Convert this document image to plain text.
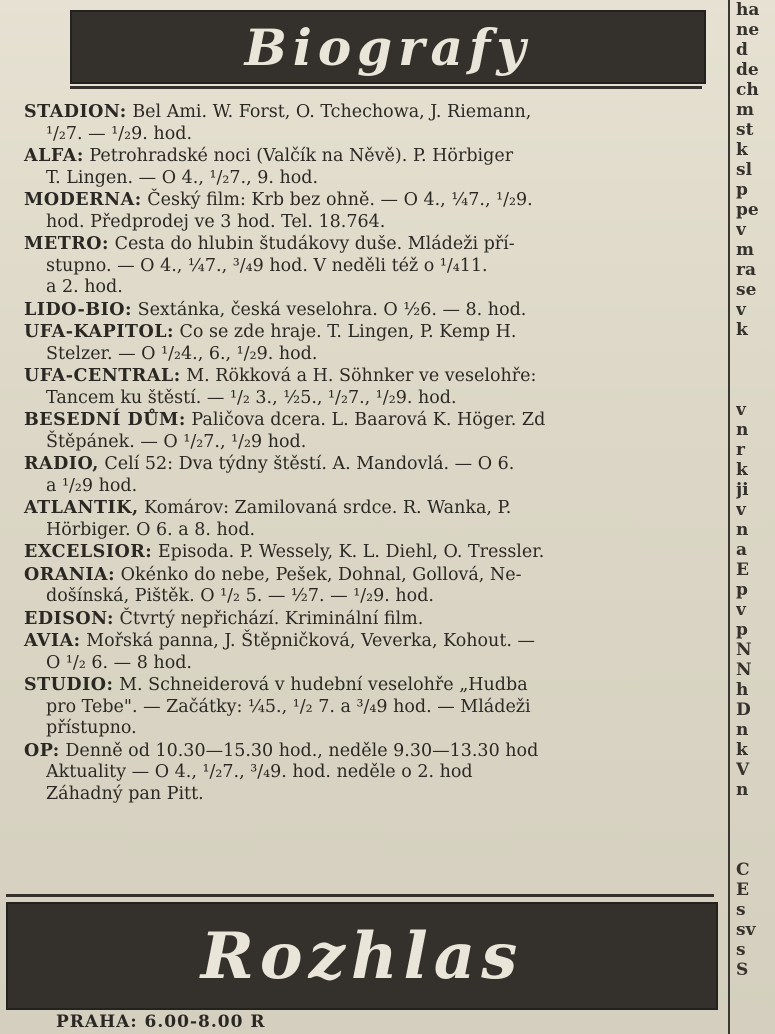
ha
ne
d
de
ch
m
st
k
sl
p
pe
v
m
ra
se
v
k
v
n
r
k
ji
v
n
a
E
p
v
p
N
N
h
D
n
k
V
n
C
E
s
sv
s
S
Biografy
STADION: Bel Ami. W. Forst, O. Tchechowa, J. Riemann,
¹/₂7. — ¹/₂9. hod.
ALFA: Petrohradské noci (Valčík na Něvě). P. Hörbiger
T. Lingen. — O 4., ¹/₂7., 9. hod.
MODERNA: Český film: Krb bez ohně. — O 4., ¼7., ¹/₂9.
hod. Předprodej ve 3 hod. Tel. 18.764.
METRO: Cesta do hlubin študákovy duše. Mládeži pří-
stupno. — O 4., ¼7., ³/₄9 hod. V neděli též o ¹/₄11.
a 2. hod.
LIDO-BIO: Sextánka, česká veselohra. O ½6. — 8. hod.
UFA-KAPITOL: Co se zde hraje. T. Lingen, P. Kemp H.
Stelzer. — O ¹/₂4., 6., ¹/₂9. hod.
UFA-CENTRAL: M. Rökková a H. Söhnker ve veselohře:
Tancem ku štěstí. — ¹/₂ 3., ½5., ¹/₂7., ¹/₂9. hod.
BESEDNÍ DŮM: Paličova dcera. L. Baarová K. Höger. Zd
Štěpánek. — O ¹/₂7., ¹/₂9 hod.
RADIO, Celí 52: Dva týdny štěstí. A. Mandovlá. — O 6.
a ¹/₂9 hod.
ATLANTIK, Komárov: Zamilovaná srdce. R. Wanka, P.
Hörbiger. O 6. a 8. hod.
EXCELSIOR: Episoda. P. Wessely, K. L. Diehl, O. Tressler.
ORANIA: Okénko do nebe, Pešek, Dohnal, Gollová, Ne-
došínská, Pištěk. O ¹/₂ 5. — ½7. — ¹/₂9. hod.
EDISON: Čtvrtý nepřichází. Kriminální film.
AVIA: Mořská panna, J. Štěpničková, Veverka, Kohout. —
O ¹/₂ 6. — 8 hod.
STUDIO: M. Schneiderová v hudební veselohře „Hudba
pro Tebe". — Začátky: ¼5., ¹/₂ 7. a ³/₄9 hod. — Mládeži
přístupno.
OP: Denně od 10.30—15.30 hod., neděle 9.30—13.30 hod
Aktuality — O 4., ¹/₂7., ³/₄9. hod. neděle o 2. hod
Záhadný pan Pitt.
Rozhlas
PRAHA: 6.00-8.00 R
